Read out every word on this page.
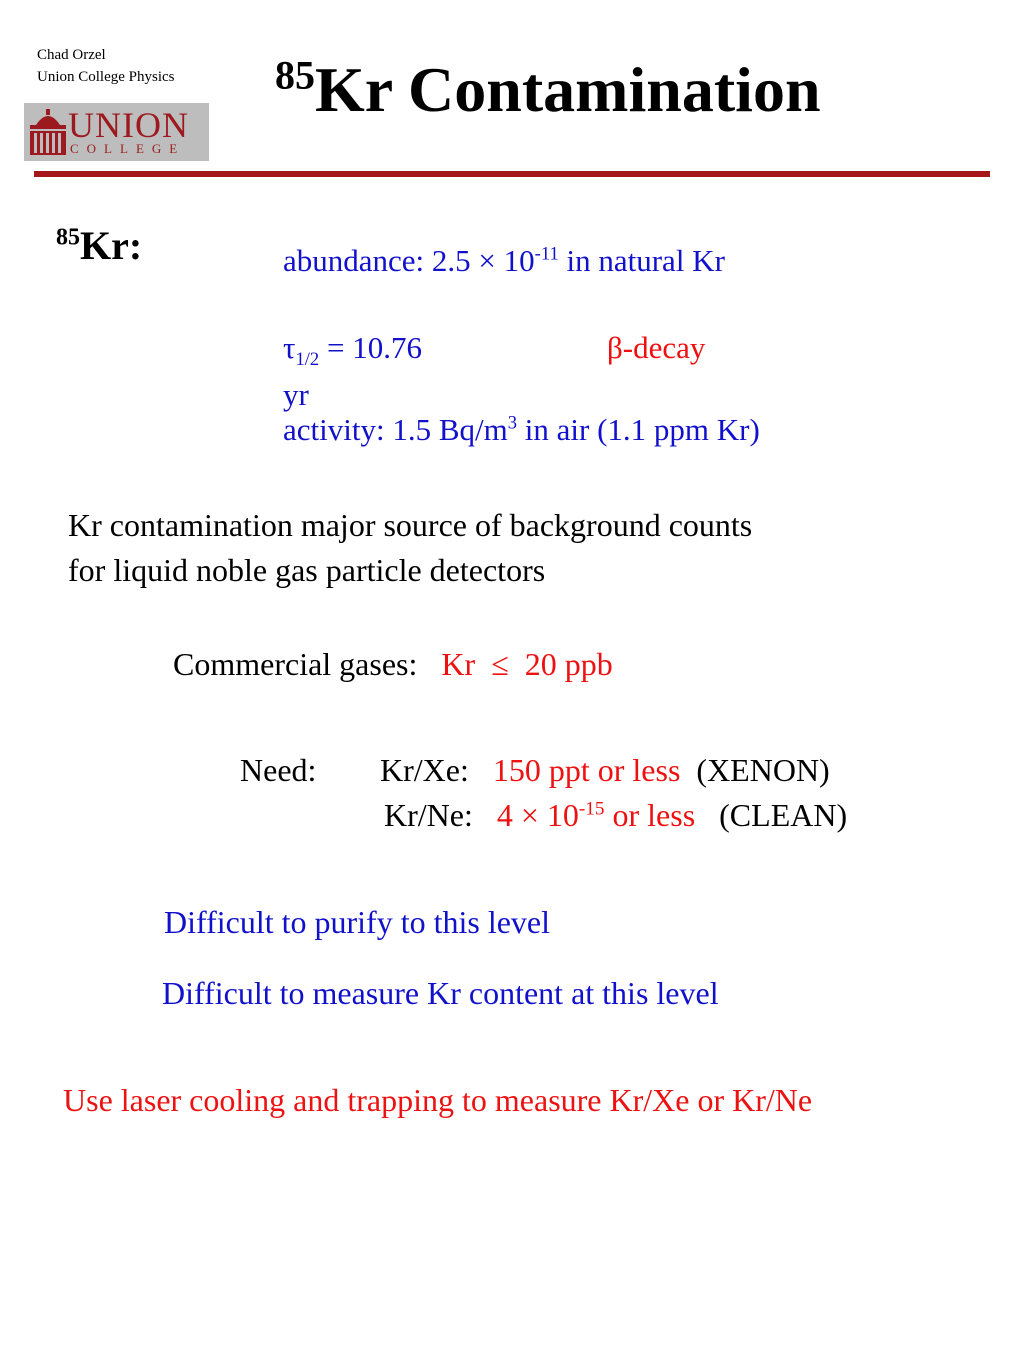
Chad Orzel
Union College Physics
UNION
COLLEGE
$^{85}$Kr Contamination
$^{85}$Kr:	abundance: $2.5 \times 10^{-11}$ in natural Kr
$\tau_{1/2} = 10.76$
yr
β-decay
activity: 1.5 $Bq/m^3$ in air (1.1 ppm Kr)
Kr contamination major source of background counts
for liquid noble gas particle detectors
Commercial gases: Kr  ≤  20 ppb
Need: Kr/Xe: 150 ppt or less (XENON)
Kr/Ne: $4 \times 10^{-15}$ or less (CLEAN)
Difficult to purify to this level
Difficult to measure Kr content at this level
Use laser cooling and trapping to measure Kr/Xe or Kr/Ne
